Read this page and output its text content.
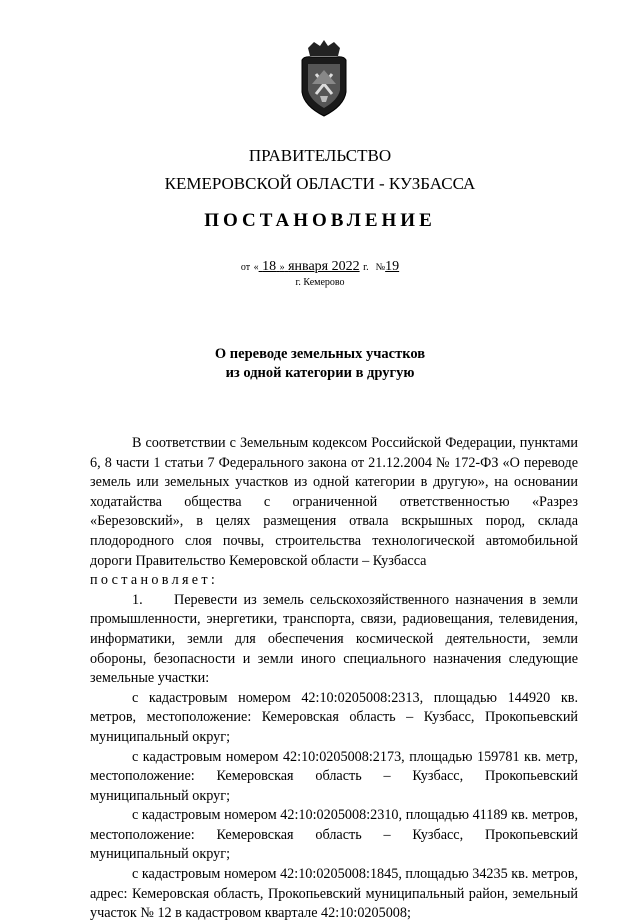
ПРАВИТЕЛЬСТВО
КЕМЕРОВСКОЙ ОБЛАСТИ - КУЗБАССА
ПОСТАНОВЛЕНИЕ
от « 18 » января 2022 г. №19
г. Кемерово
О переводе земельных участков
из одной категории в другую

В соответствии с Земельным кодексом Российской Федерации, пунктами 6, 8 части 1 статьи 7 Федерального закона от 21.12.2004 № 172-ФЗ «О переводе земель или земельных участков из одной категории в другую», на основании ходатайства общества с ограниченной ответственностью «Разрез «Березовский», в целях размещения отвала вскрышных пород, склада плодородного слоя почвы, строительства технологической автомобильной дороги Правительство Кемеровской области – Кузбасса

постановляет:

1. Перевести из земель сельскохозяйственного назначения в земли промышленности, энергетики, транспорта, связи, радиовещания, телевидения, информатики, земли для обеспечения космической деятельности, земли обороны, безопасности и земли иного специального назначения следующие земельные участки:

с кадастровым номером 42:10:0205008:2313, площадью 144920 кв. метров, местоположение: Кемеровская область – Кузбасс, Прокопьевский муниципальный округ;

с кадастровым номером 42:10:0205008:2173, площадью 159781 кв. метр, местоположение: Кемеровская область – Кузбасс, Прокопьевский муниципальный округ;

с кадастровым номером 42:10:0205008:2310, площадью 41189 кв. метров, местоположение: Кемеровская область – Кузбасс, Прокопьевский муниципальный округ;

с кадастровым номером 42:10:0205008:1845, площадью 34235 кв. метров, адрес: Кемеровская область, Прокопьевский муниципальный район, земельный участок № 12 в кадастровом квартале 42:10:0205008;
